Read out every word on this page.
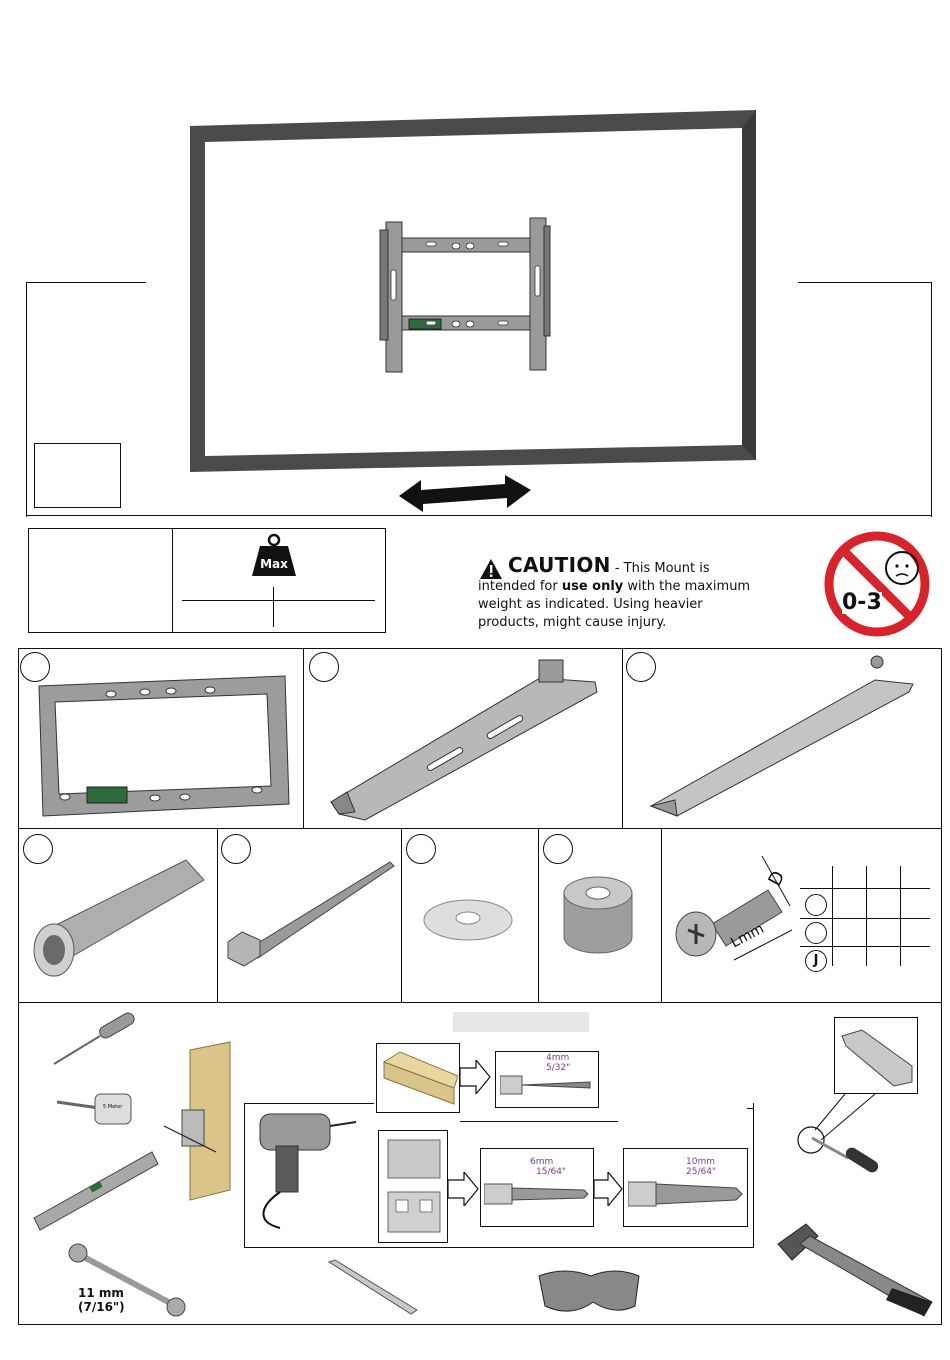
Max	CAUTION - This Mount is
intended for use only with the maximum
weight as indicated. Using heavier
products, might cause injury.
0-3
D
Lmm
J
5 Meter
11 mm
(7/16")
4mm
5/32"
6mm
15/64"
10mm
25/64"
